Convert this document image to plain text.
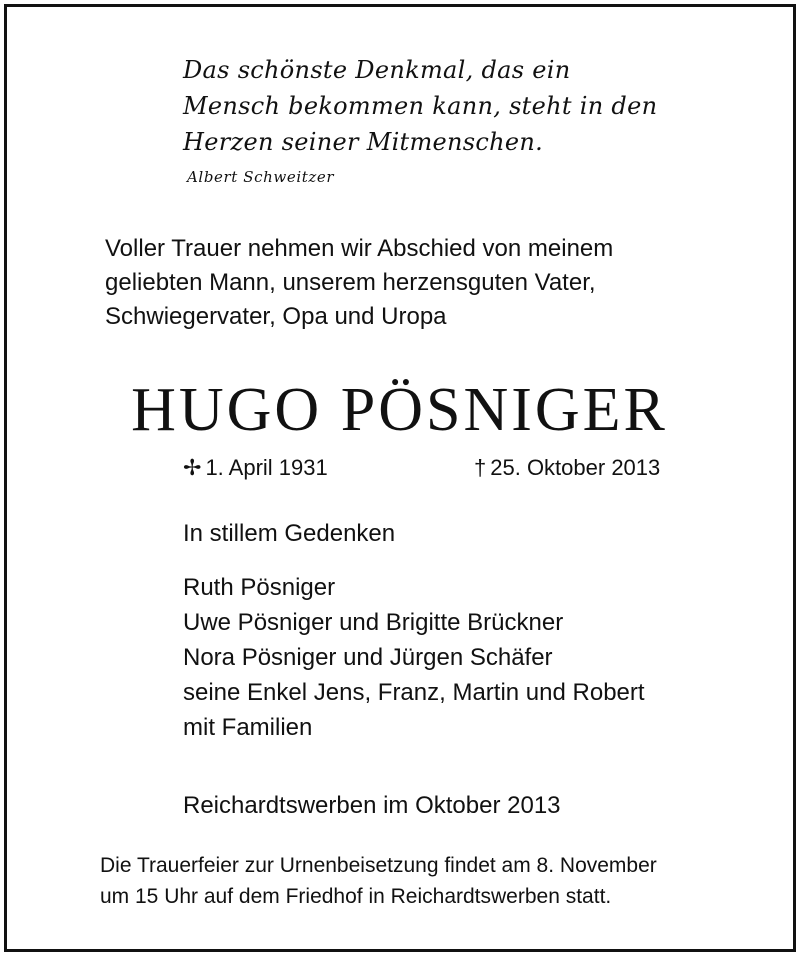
Das schönste Denkmal, das ein
Mensch bekommen kann, steht in den
Herzen seiner Mitmenschen.
Albert Schweitzer
Voller Trauer nehmen wir Abschied von meinem
geliebten Mann, unserem herzensguten Vater,
Schwiegervater, Opa und Uropa
HUGO PÖSNIGER
✢ 1. April 1931	† 25. Oktober 2013
In stillem Gedenken
Ruth Pösniger
Uwe Pösniger und Brigitte Brückner
Nora Pösniger und Jürgen Schäfer
seine Enkel Jens, Franz, Martin und Robert
mit Familien
Reichardtswerben im Oktober 2013
Die Trauerfeier zur Urnenbeisetzung findet am 8. November
um 15 Uhr auf dem Friedhof in Reichardtswerben statt.
